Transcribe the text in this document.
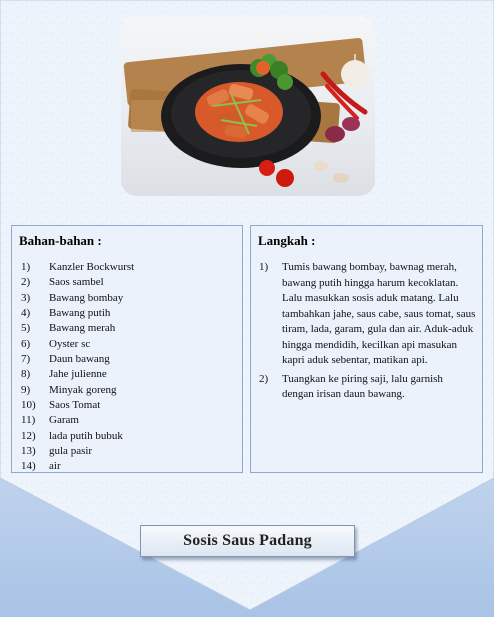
Bahan-bahan :
1) Kanzler Bockwurst
2) Saos sambel
3) Bawang bombay
4) Bawang putih
5) Bawang merah
6) Oyster sc
7) Daun bawang
8) Jahe julienne
9) Minyak goreng
10) Saos Tomat
11) Garam
12) lada putih bubuk
13) gula pasir
14) air
Langkah :
1)	Tumis bawang bombay, bawnag merah, bawang putih hingga harum kecoklatan. Lalu masukkan sosis aduk matang. Lalu tambahkan jahe, saus cabe, saus tomat, saus tiram, lada, garam, gula dan air. Aduk-aduk hingga mendidih, kecilkan api masukan kapri aduk sebentar, matikan api.
2)	Tuangkan ke piring saji, lalu garnish dengan irisan daun bawang.
Sosis Saus Padang
